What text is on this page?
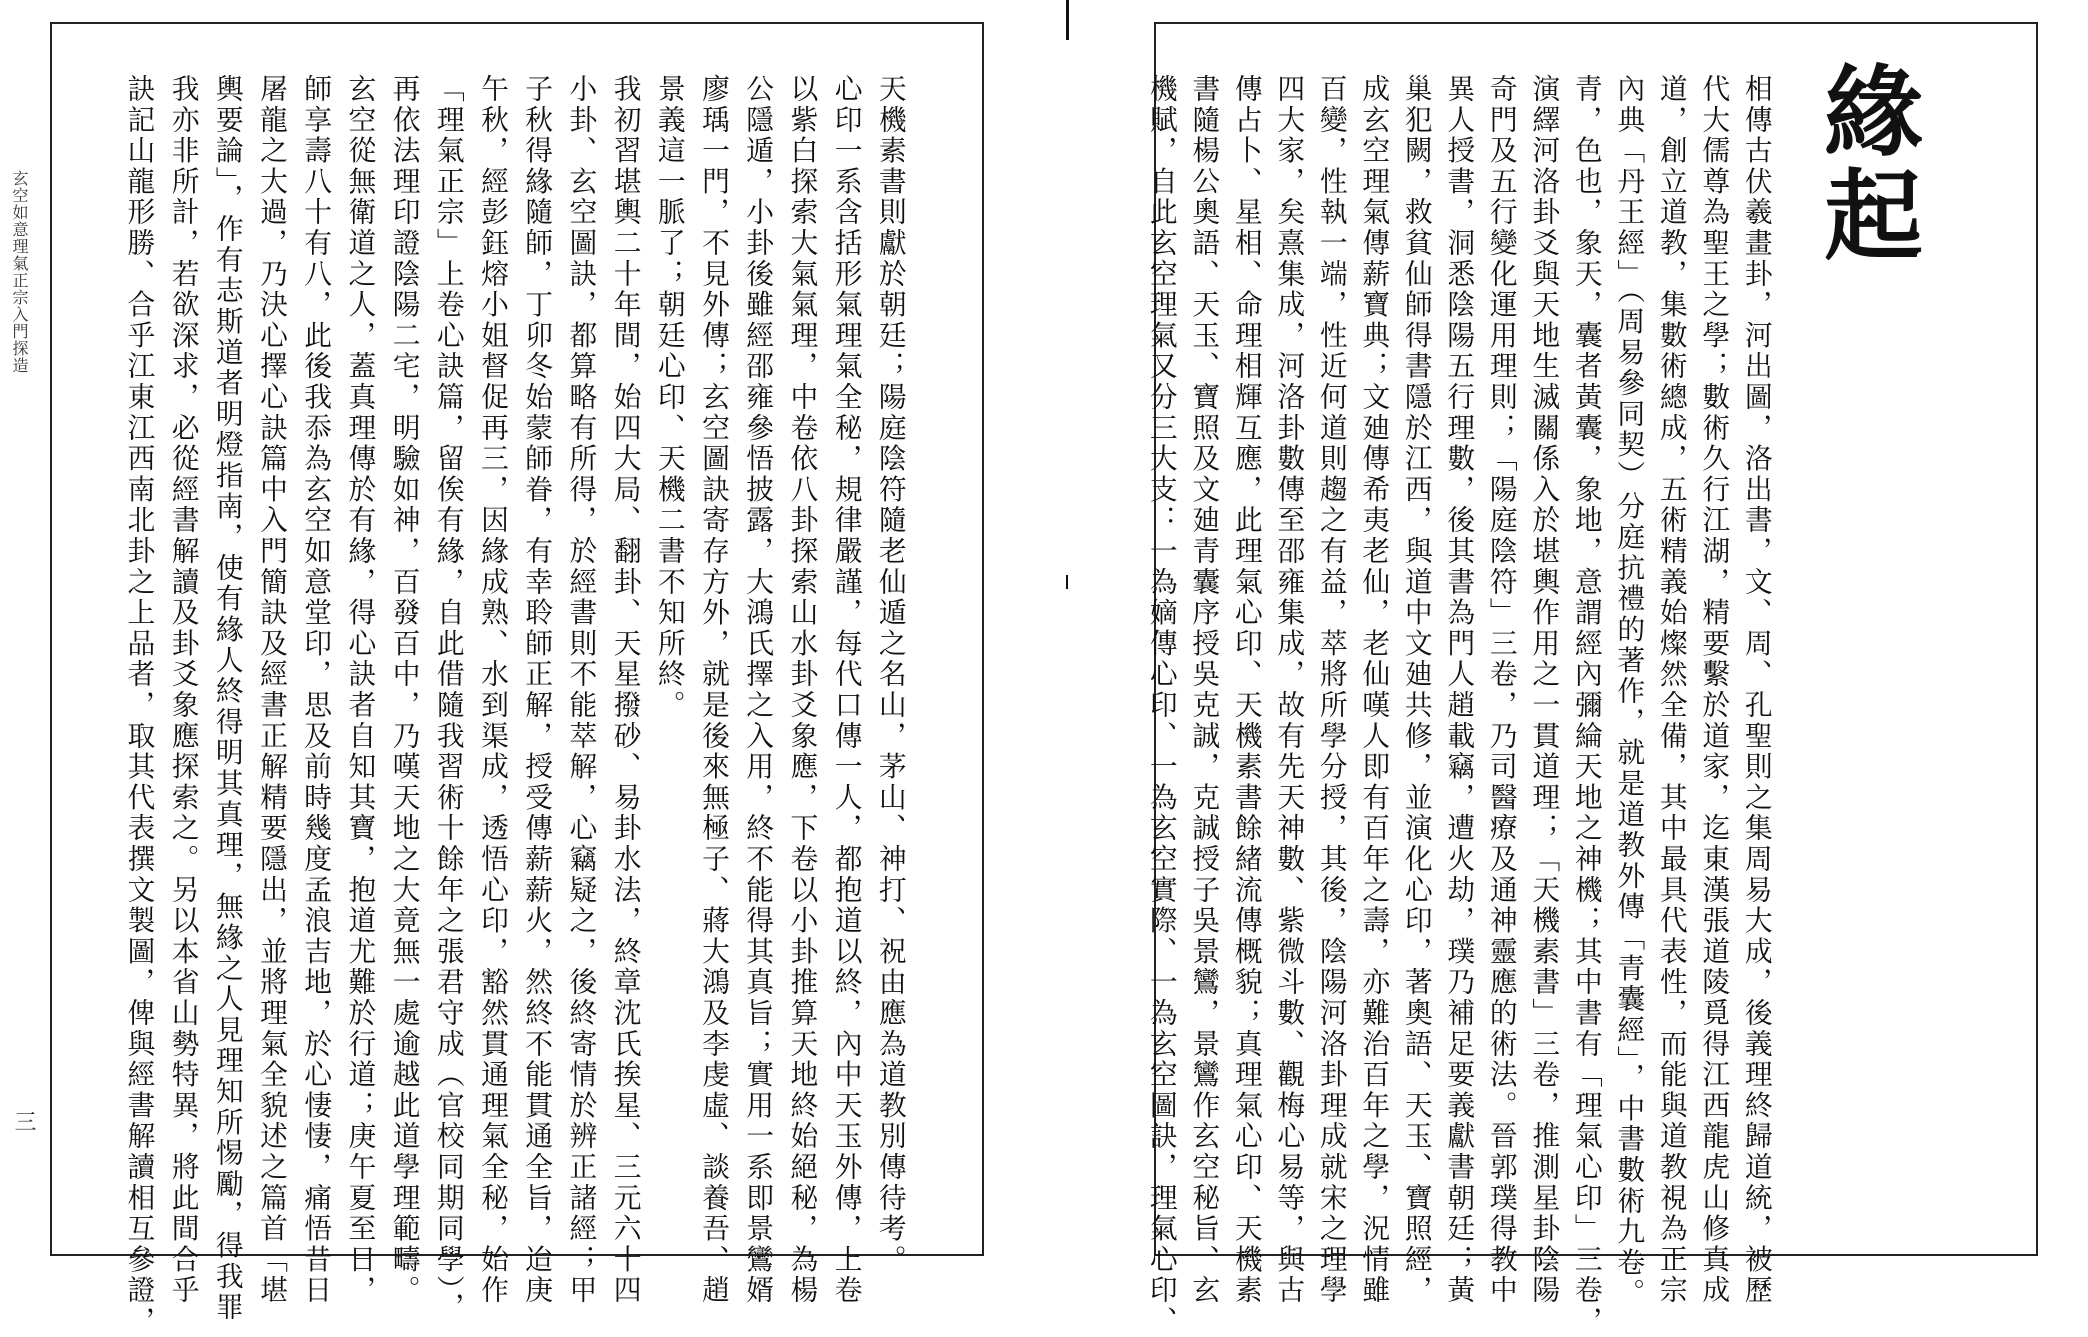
玄空如意理氣正宗入門探造
三	天機素書則獻於朝廷；陽庭陰符隨老仙遁之名山，茅山、神打、祝由應為道教別傳待考。
心印一系含括形氣理氣全秘，規律嚴謹，每代口傳一人，都抱道以終，內中天玉外傳，上卷
以紫白探索大氣氣理，中卷依八卦探索山水卦爻象應，下卷以小卦推算天地終始絕秘，為楊
公隱遁，小卦後雖經邵雍參悟披露，大鴻氏擇之入用，終不能得其真旨；實用一系即景鸞婿
廖瑀一門，不見外傳；玄空圖訣寄存方外，就是後來無極子、蔣大鴻及李虔虛、談養吾、趙
景義這一脈了；朝廷心印、天機二書不知所終。
我初習堪輿二十年間，始四大局、翻卦、天星撥砂、易卦水法，終章沈氏挨星、三元六十四
小卦、玄空圖訣，都算略有所得，於經書則不能萃解，心竊疑之，後終寄情於辨正諸經；甲
子秋得緣隨師，丁卯冬始蒙師眷，有幸聆師正解，授受傳薪薪火，然終不能貫通全旨，迨庚
午秋，經彭鈺熔小姐督促再三，因緣成熟、水到渠成，透悟心印，豁然貫通理氣全秘，始作
「理氣正宗」上卷心訣篇，留俟有緣，自此借隨我習術十餘年之張君守成（官校同期同學），
再依法理印證陰陽二宅，明驗如神，百發百中，乃嘆天地之大竟無一處逾越此道學理範疇。
玄空從無衛道之人，蓋真理傳於有緣，得心訣者自知其寶，抱道尤難於行道；庚午夏至日，
師享壽八十有八，此後我忝為玄空如意堂印，思及前時幾度孟浪吉地，於心悽悽，痛悟昔日
屠龍之大過，乃決心擇心訣篇中入門簡訣及經書正解精要隱出，並將理氣全貌述之篇首「堪
輿要論」，作有志斯道者明燈指南，使有緣人終得明其真理，無緣之人見理知所惕勵，得我罪
我亦非所計，若欲深求，必從經書解讀及卦爻象應探索之。另以本省山勢特異，將此間合乎
訣記山龍形勝、合乎江東江西南北卦之上品者，取其代表撰文製圖，俾與經書解讀相互參證，	緣起
相傳古伏羲畫卦，河出圖，洛出書，文、周、孔聖則之集周易大成，後義理終歸道統，被歷
代大儒尊為聖王之學；數術久行江湖，精要繫於道家，迄東漢張道陵覓得江西龍虎山修真成
道，創立道教，集數術總成，五術精義始燦然全備，其中最具代表性，而能與道教視為正宗
內典「丹王經」（周易參同契）分庭抗禮的著作，就是道教外傳「青囊經」，中書數術九卷。
青，色也，象天，囊者黃囊，象地，意謂經內彌綸天地之神機；其中書有「理氣心印」三卷，
演繹河洛卦爻與天地生滅關係入於堪輿作用之一貫道理；「天機素書」三卷，推測星卦陰陽
奇門及五行變化運用理則；「陽庭陰符」三卷，乃司醫療及通神靈應的術法。晉郭璞得教中
異人授書，洞悉陰陽五行理數，後其書為門人趙載竊，遭火劫，璞乃補足要義獻書朝廷；黃
巢犯闕，救貧仙師得書隱於江西，與道中文廸共修，並演化心印，著奧語、天玉、寶照經，
成玄空理氣傳薪寶典；文廸傳希夷老仙，老仙嘆人即有百年之壽，亦難治百年之學，況情雖
百變，性執一端，性近何道則趨之有益，萃將所學分授，其後，陰陽河洛卦理成就宋之理學
四大家，矣熹集成，河洛卦數傳至邵雍集成，故有先天神數、紫微斗數、觀梅心易等，與古
傳占卜、星相、命理相輝互應，此理氣心印、天機素書餘緒流傳概貌；真理氣心印、天機素
書隨楊公奧語、天玉、寶照及文廸青囊序授吳克誠，克誠授子吳景鸞，景鸞作玄空秘旨、玄
機賦，自此玄空理氣又分三大支：一為嫡傳心印、一為玄空實際、一為玄空圖訣，理氣心印、
